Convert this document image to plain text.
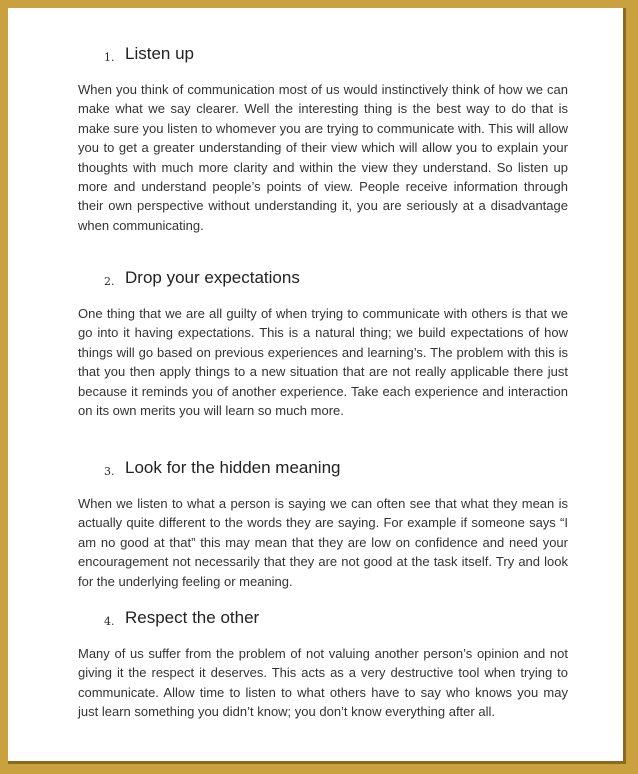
1. Listen up

When you think of communication most of us would instinctively think of how we can make what we say clearer. Well the interesting thing is the best way to do that is make sure you listen to whomever you are trying to communicate with. This will allow you to get a greater understanding of their view which will allow you to explain your thoughts with much more clarity and within the view they understand. So listen up more and understand people’s points of view. People receive information through their own perspective without understanding it, you are seriously at a disadvantage when communicating.

2. Drop your expectations

One thing that we are all guilty of when trying to communicate with others is that we go into it having expectations. This is a natural thing; we build expectations of how things will go based on previous experiences and learning’s. The problem with this is that you then apply things to a new situation that are not really applicable there just because it reminds you of another experience. Take each experience and interaction on its own merits you will learn so much more.

3. Look for the hidden meaning

When we listen to what a person is saying we can often see that what they mean is actually quite different to the words they are saying. For example if someone says “I am no good at that” this may mean that they are low on confidence and need your encouragement not necessarily that they are not good at the task itself. Try and look for the underlying feeling or meaning.

4. Respect the other

Many of us suffer from the problem of not valuing another person’s opinion and not giving it the respect it deserves. This acts as a very destructive tool when trying to communicate. Allow time to listen to what others have to say who knows you may just learn something you didn’t know; you don’t know everything after all.
